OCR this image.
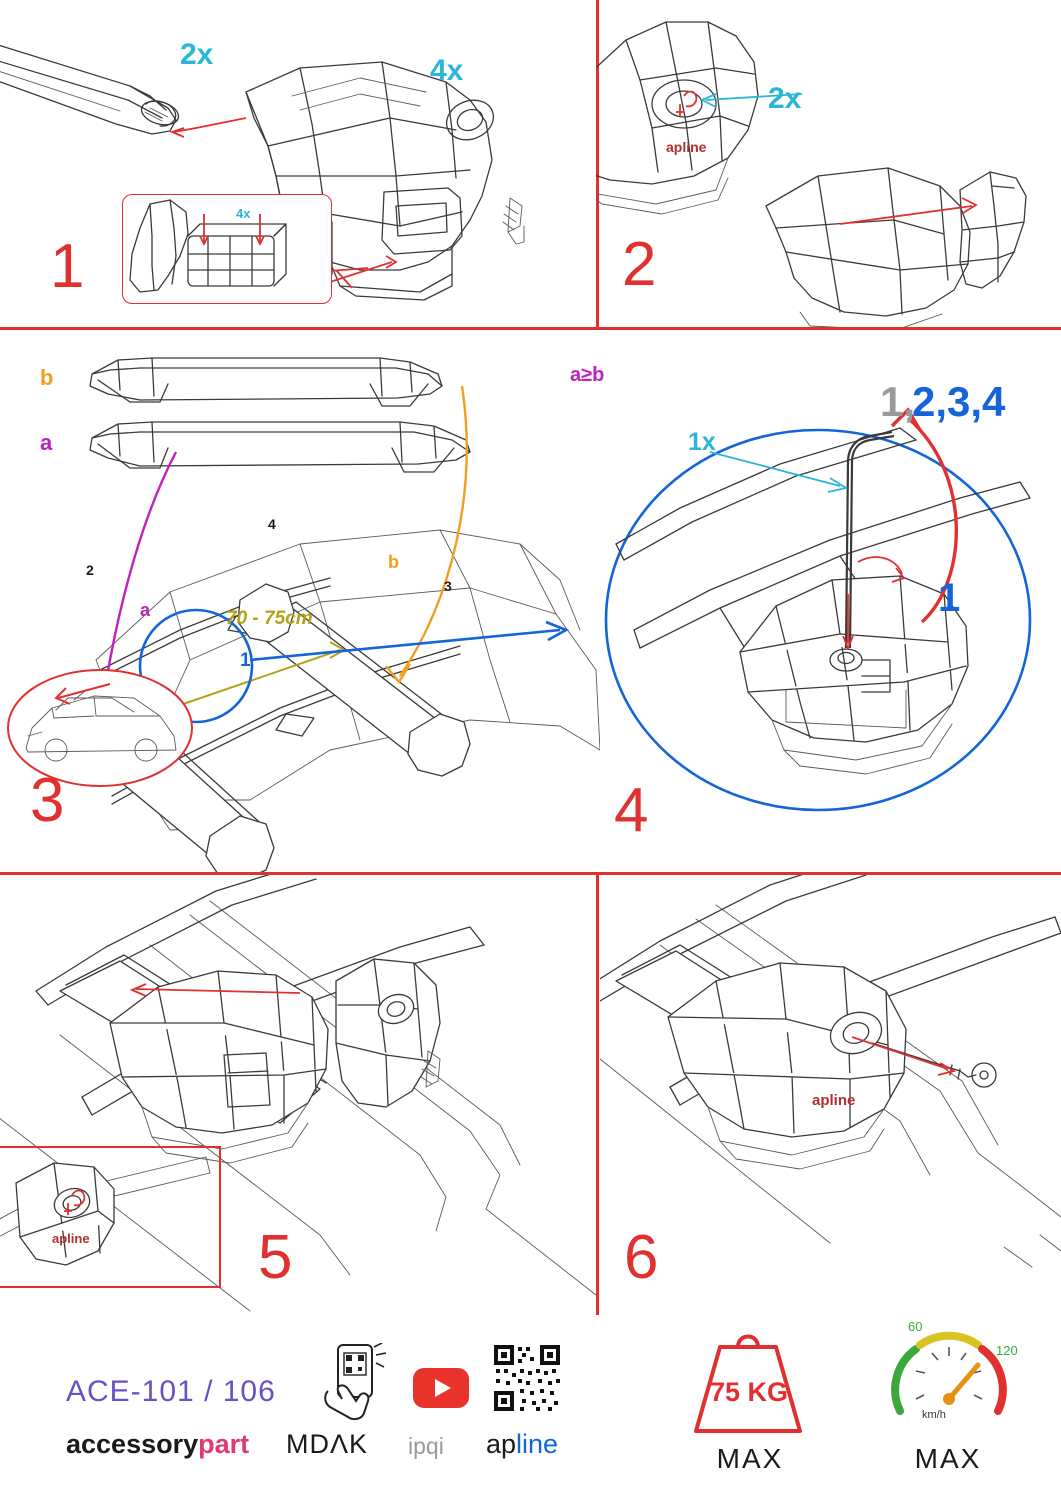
4x
2x	4x
1
apline
2x
2
b
a
a
b
70 - 75cm
1
2
3
4
3
a≥b
1x
1,
2,3,4
1
4
apline	5
apline
6
ACE-101 / 106
accessorypart MDΛK ipqi apline
75 KG
MAX
km/h
60
120
MAX
